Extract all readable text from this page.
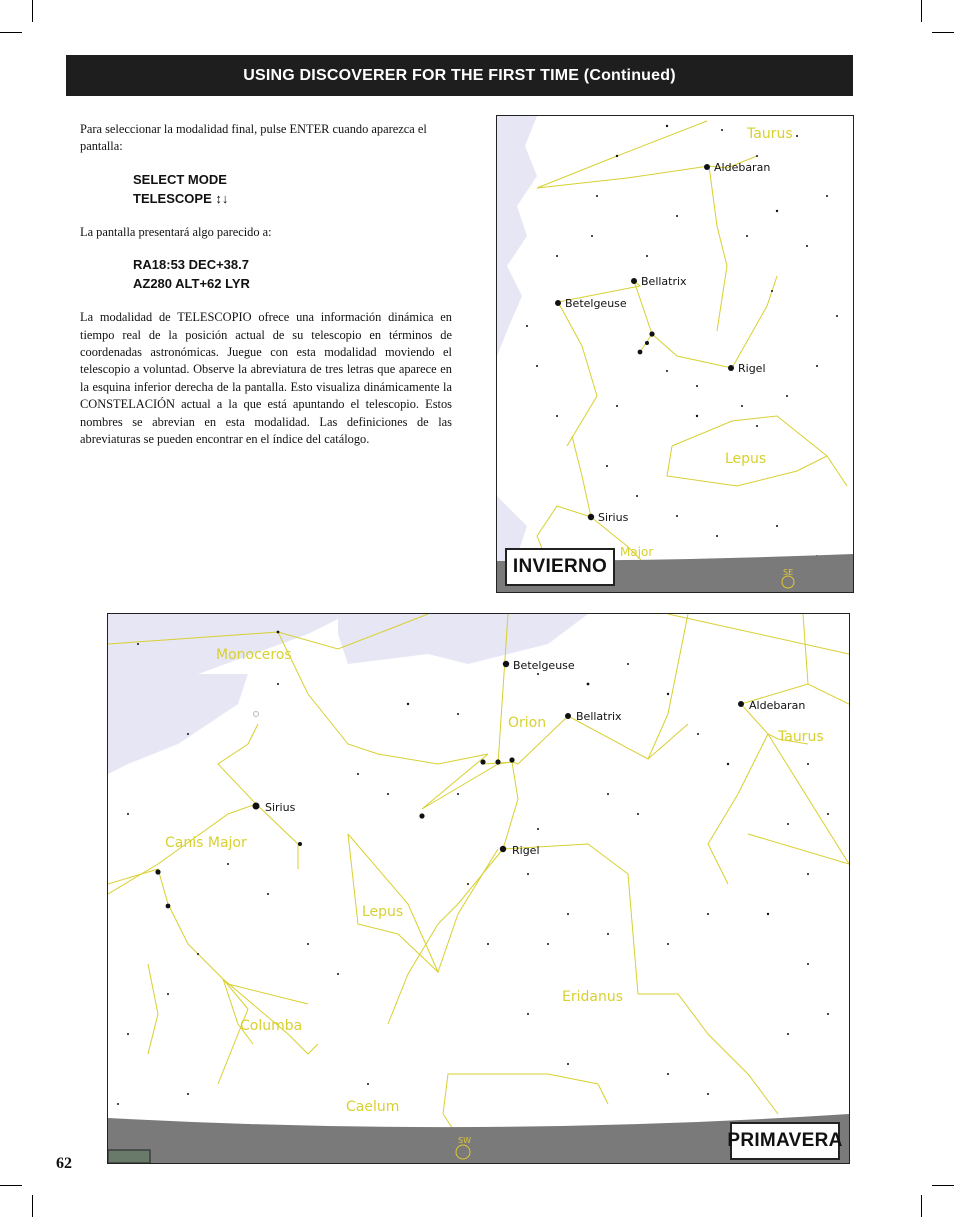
USING DISCOVERER FOR THE FIRST TIME (Continued)

Para seleccionar la modalidad final, pulse ENTER cuando aparezca el pantalla:

SELECT MODE
TELESCOPE ↕↓

La pantalla presentará algo parecido a:

RA18:53 DEC+38.7
AZ280 ALT+62 LYR

La modalidad de TELESCOPIO ofrece una información dinámica en tiempo real de la posición actual de su telescopio en términos de coordenadas astronómicas. Juegue con esta modalidad moviendo el telescopio a voluntad. Observe la abreviatura de tres letras que aparece en la esquina inferior derecha de la pantalla. Esto visualiza dinámicamente la CONSTELACIÓN actual a la que está apuntando el telescopio. Estos nombres se abrevian en esta modalidad. Las definiciones de las abreviaturas se pueden encontrar en el índice del catálogo.

Aldebaran
Bellatrix
Betelgeuse
Rigel
Sirius
Taurus
Lepus
Major
SE
INVIERNO
Betelgeuse
Bellatrix
Aldebaran
Sirius
Rigel
Monoceros
Orion
Taurus
Canis Major
Lepus
Eridanus
Columba
Caelum
SW	PRIMAVERA
62
